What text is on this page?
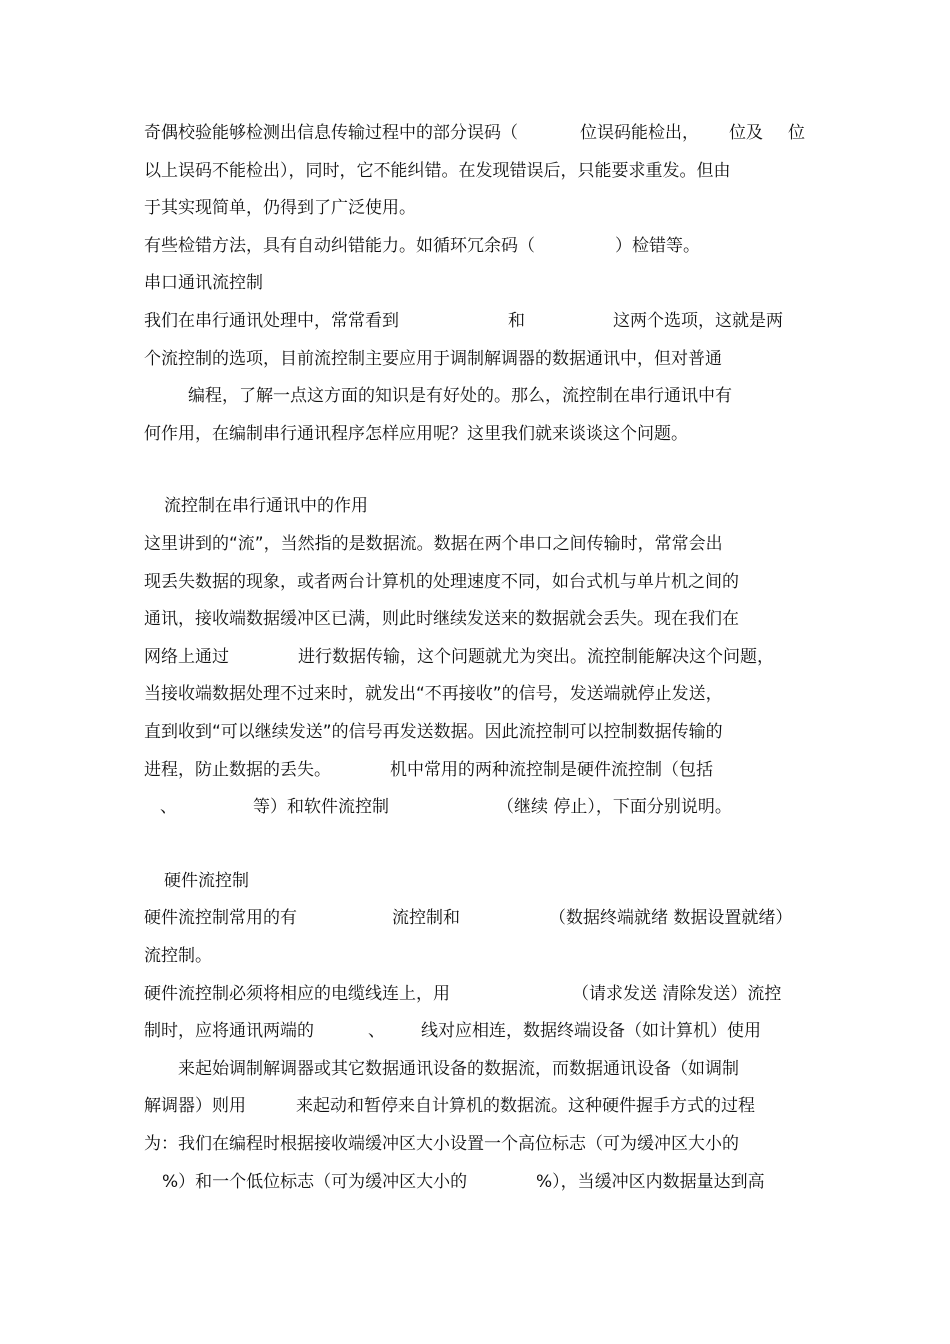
奇偶校验能够检测出信息传输过程中的部分误码（	位误码能检出， 位及 位
以上误码不能检出），同时，它不能纠错。在发现错误后，只能要求重发。但由
于其实现简单，仍得到了广泛使用。
有些检错方法，具有自动纠错能力。如循环冗余码（	）检错等。
串口通讯流控制
我们在串行通讯处理中，常常看到	和	这两个选项，这就是两
个流控制的选项，目前流控制主要应用于调制解调器的数据通讯中，但对普通
编程，了解一点这方面的知识是有好处的。那么，流控制在串行通讯中有
何作用，在编制串行通讯程序怎样应用呢？这里我们就来谈谈这个问题。
流控制在串行通讯中的作用
这里讲到的“流”，当然指的是数据流。数据在两个串口之间传输时，常常会出
现丢失数据的现象，或者两台计算机的处理速度不同，如台式机与单片机之间的
通讯，接收端数据缓冲区已满，则此时继续发送来的数据就会丢失。现在我们在
网络上通过	进行数据传输，这个问题就尤为突出。流控制能解决这个问题，
当接收端数据处理不过来时，就发出“不再接收”的信号，发送端就停止发送，
直到收到“可以继续发送”的信号再发送数据。因此流控制可以控制数据传输的
进程，防止数据的丢失。	机中常用的两种流控制是硬件流控制（包括
、	等）和软件流控制	（继续 停止），下面分别说明。
硬件流控制
硬件流控制常用的有	流控制和	（数据终端就绪 数据设置就绪）
流控制。
硬件流控制必须将相应的电缆线连上，用	（请求发送 清除发送）流控
制时，应将通讯两端的	、 线对应相连，数据终端设备（如计算机）使用
来起始调制解调器或其它数据通讯设备的数据流，而数据通讯设备（如调制
解调器）则用	来起动和暂停来自计算机的数据流。这种硬件握手方式的过程
为：我们在编程时根据接收端缓冲区大小设置一个高位标志（可为缓冲区大小的
%）和一个低位标志（可为缓冲区大小的	%），当缓冲区内数据量达到高
